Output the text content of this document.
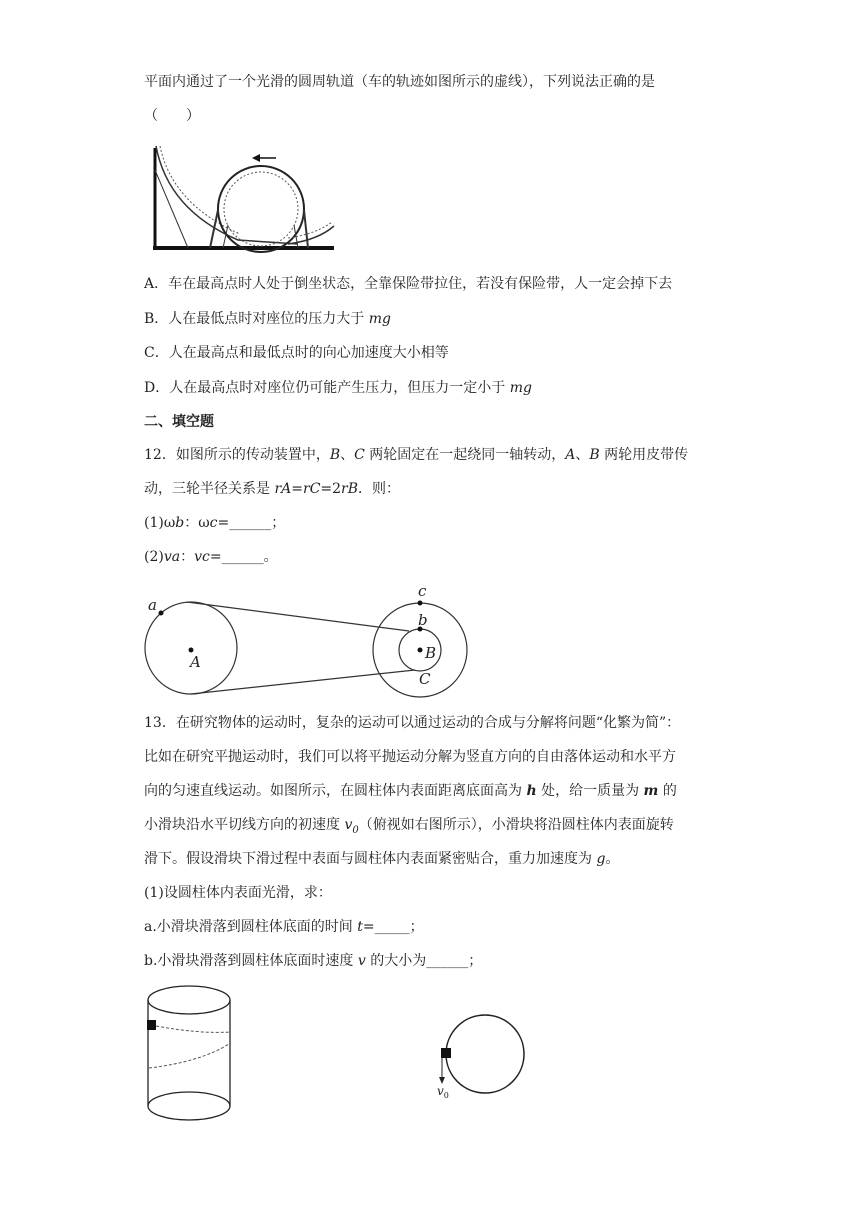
平面内通过了一个光滑的圆周轨道（车的轨迹如图所示的虚线），下列说法正确的是
（　　）
A．车在最高点时人处于倒坐状态，全靠保险带拉住，若没有保险带，人一定会掉下去
B．人在最低点时对座位的压力大于 mg
C．人在最高点和最低点时的向心加速度大小相等
D．人在最高点时对座位仍可能产生压力，但压力一定小于 mg
二、填空题
12．如图所示的传动装置中，B、C 两轮固定在一起绕同一轴转动，A、B 两轮用皮带传
动，三轮半径关系是 rA=rC=2rB．则：
(1)ωb：ωc=______；
(2)va：vc=______。
a
A
c
b
B
C
13．在研究物体的运动时，复杂的运动可以通过运动的合成与分解将问题“化繁为简”：
比如在研究平抛运动时，我们可以将平抛运动分解为竖直方向的自由落体运动和水平方
向的匀速直线运动。如图所示，在圆柱体内表面距离底面高为 h 处，给一质量为 m 的
小滑块沿水平切线方向的初速度 $v_0$（俯视如右图所示），小滑块将沿圆柱体内表面旋转
滑下。假设滑块下滑过程中表面与圆柱体内表面紧密贴合，重力加速度为 g。
(1)设圆柱体内表面光滑，求：
a.小滑块滑落到圆柱体底面的时间 t=_____；
b.小滑块滑落到圆柱体底面时速度 v 的大小为______；
$v_0$
